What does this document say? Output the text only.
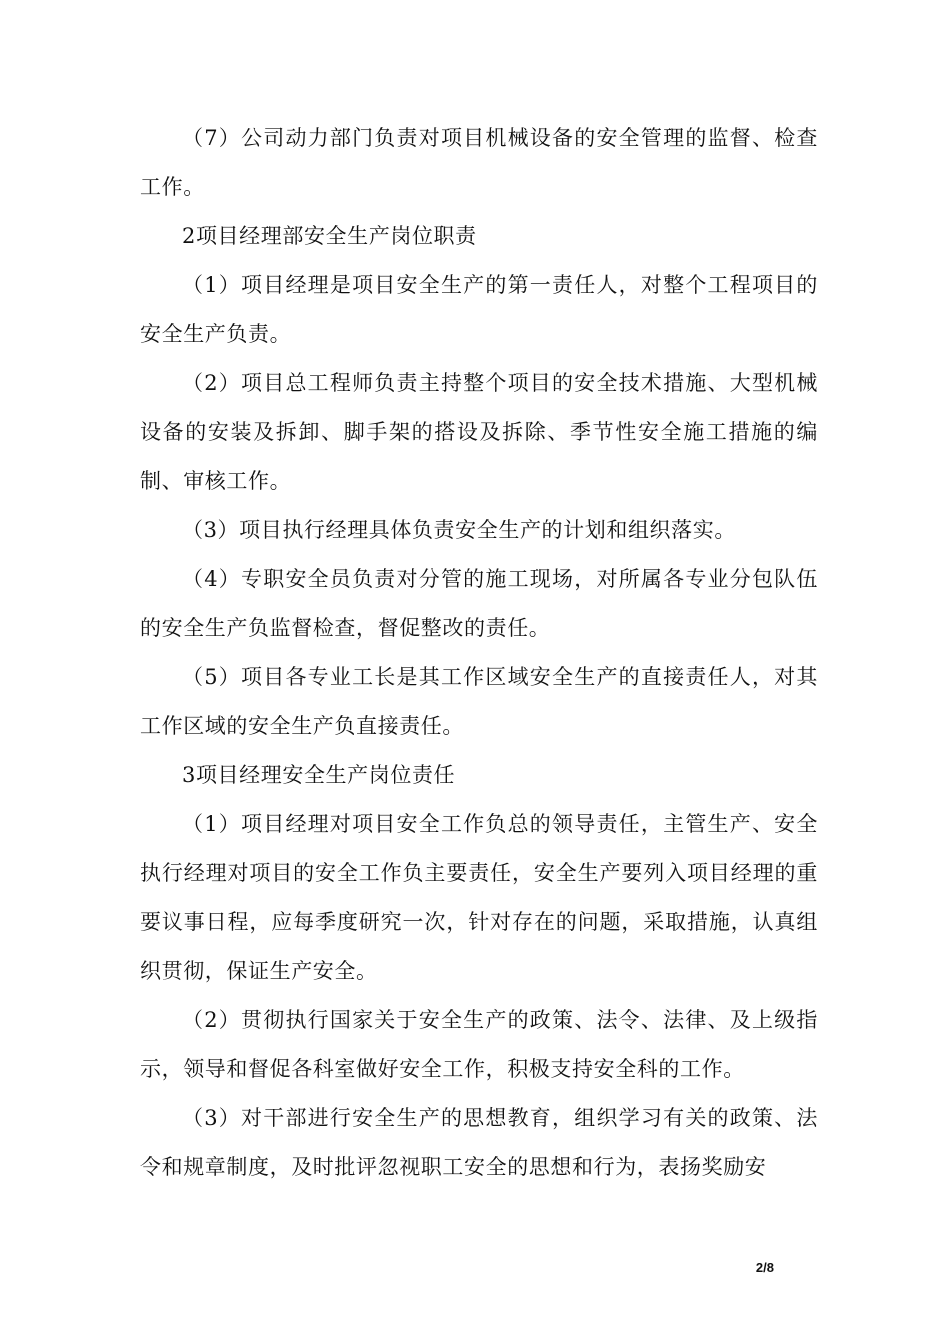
（7）公司动力部门负责对项目机械设备的安全管理的监督、检查工作。

2项目经理部安全生产岗位职责

（1）项目经理是项目安全生产的第一责任人，对整个工程项目的安全生产负责。

（2）项目总工程师负责主持整个项目的安全技术措施、大型机械设备的安装及拆卸、脚手架的搭设及拆除、季节性安全施工措施的编制、审核工作。

（3）项目执行经理具体负责安全生产的计划和组织落实。

（4）专职安全员负责对分管的施工现场，对所属各专业分包队伍的安全生产负监督检查，督促整改的责任。

（5）项目各专业工长是其工作区域安全生产的直接责任人，对其工作区域的安全生产负直接责任。

3项目经理安全生产岗位责任

（1）项目经理对项目安全工作负总的领导责任，主管生产、安全执行经理对项目的安全工作负主要责任，安全生产要列入项目经理的重要议事日程，应每季度研究一次，针对存在的问题，采取措施，认真组织贯彻，保证生产安全。

（2）贯彻执行国家关于安全生产的政策、法令、法律、及上级指示，领导和督促各科室做好安全工作，积极支持安全科的工作。

（3）对干部进行安全生产的思想教育，组织学习有关的政策、法令和规章制度，及时批评忽视职工安全的思想和行为，表扬奖励安

2/8
